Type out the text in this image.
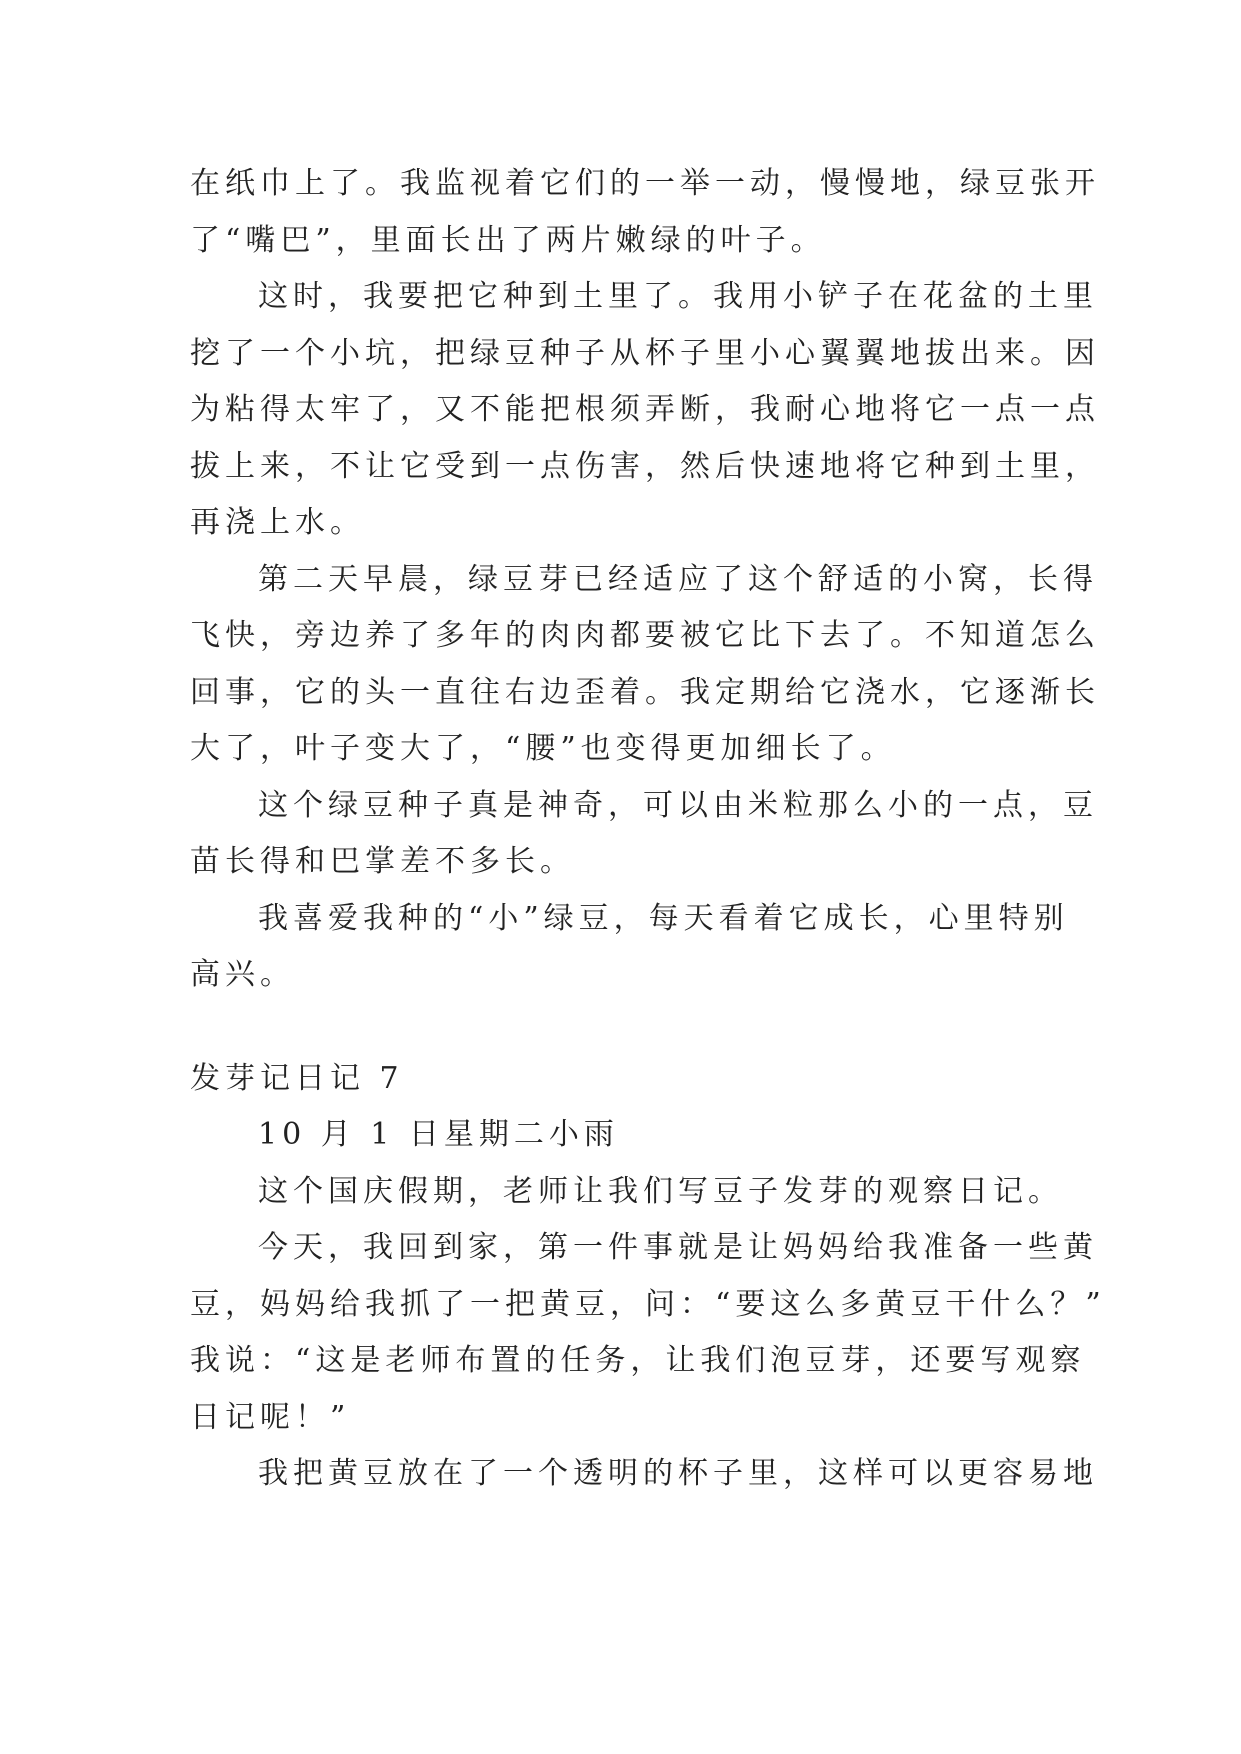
在纸巾上了。我监视着它们的一举一动，慢慢地，绿豆张开
了“嘴巴”，里面长出了两片嫩绿的叶子。
这时，我要把它种到土里了。我用小铲子在花盆的土里
挖了一个小坑，把绿豆种子从杯子里小心翼翼地拔出来。因
为粘得太牢了，又不能把根须弄断，我耐心地将它一点一点
拔上来，不让它受到一点伤害，然后快速地将它种到土里，
再浇上水。
第二天早晨，绿豆芽已经适应了这个舒适的小窝，长得
飞快，旁边养了多年的肉肉都要被它比下去了。不知道怎么
回事，它的头一直往右边歪着。我定期给它浇水，它逐渐长
大了，叶子变大了，“腰”也变得更加细长了。
这个绿豆种子真是神奇，可以由米粒那么小的一点，豆
苗长得和巴掌差不多长。
我喜爱我种的“小”绿豆，每天看着它成长，心里特别
高兴。
发芽记日记 7
10 月 1 日星期二小雨
这个国庆假期，老师让我们写豆子发芽的观察日记。
今天，我回到家，第一件事就是让妈妈给我准备一些黄
豆，妈妈给我抓了一把黄豆，问：“要这么多黄豆干什么？”
我说：“这是老师布置的任务，让我们泡豆芽，还要写观察
日记呢！”
我把黄豆放在了一个透明的杯子里，这样可以更容易地
